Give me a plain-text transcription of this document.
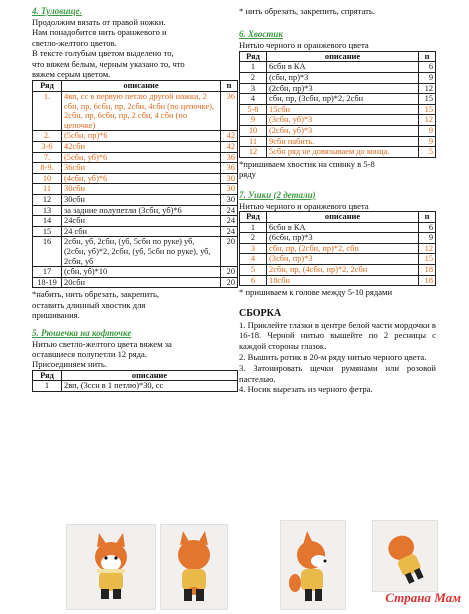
4. Туловище.
Продолжим вязать от правой ножки.
Нам понадобится нить оранжевого и
светло-желтого цветов.
В тексте голубым цветом выделено то,
что вяжем белым, черным указано то, что
вяжем серым цветом.
Ряд	описание	п
1.	4вп, сс в первую петлю другой ножки, 2 сбн, пр, 6сбн, пр, 2сбн, 4сбн (по цепочке), 2сбн, пр, 6сбн, пр, 2 сбн, 4 сбн (по цепочке)	36
2.	(5сбн, пр)*6	42
3-6	42сбн	42
7.	(5сбн, уб)*6	36
8-9.	36сбн	36
10	(4сбн, уб)*6	30
11	30сбн	30
12	30сбн	30
13	за задние полупетли (3сбн, уб)*6	24
14	24сбн	24
15	24 сбн	24
16	2сбн, уб, 2сбн, (уб, 5сбн по руке) уб, (2сбн, уб)*2, 2сбн, (уб, 5сбн по руке), уб, 2сбн, уб	20
17	(сбн, уб)*10	20
18-19	20сбн	20
*набить, нить обрезать, закрепить,
оставить длинный хвостик для
пришивания.
5. Рюшечка на кофточке
Нитью светло-желтого цвета вяжем за
оставшиеся полупетли 12 ряда.
Присоединяем нить.
Ряд	описание
1	2вп, (3сcн в 1 петлю)*30, сс
* нить обрезать, закрепить, спрятать.
6. Хвостик
Нитью черного и оранжевого цвета
Ряд	описание	п
1	6сбн в КА	6
2	(сбн, пр)*3	9
3	(2сбн, пр)*3	12
4	сбн, пр, (3сбн, пр)*2, 2сбн	15
5-8	15сбн	15
9	(3сбн, уб)*3	12
10	(2сбн, уб)*3	9
11	9сбн набить.	9
12	5сбн ряд не довязываем до конца.	5
*пришиваем хвостик на спинку в 5-8
ряду
7. Ушки (2 детали)
Нитью черного и оранжевого цвета
Ряд	описание	п
1	6сбн в КА	6
2	(6сбн, пр)*3	9
3	сбн, пр, (2сбн, пр)*2, сбн	12
4	(3сбн, пр)*3	15
5	2сбн, пр, (4сбн, пр)*2, 2сбн	18
6	18сбн	18
* пришиваем к голове между 5-10 рядами
СБОРКА
1. Приклейте глазки в центре белой части мордочки в 16-18. Черной нитью вышейте по 2 ресницы с каждой стороны глазок.
2. Вышить ротик в 20-м ряду нитью черного цвета.
3. Затонировать щечки румянами или розовой пастелью.
4. Носик вырезать из черного фетра.
Страна Мам
